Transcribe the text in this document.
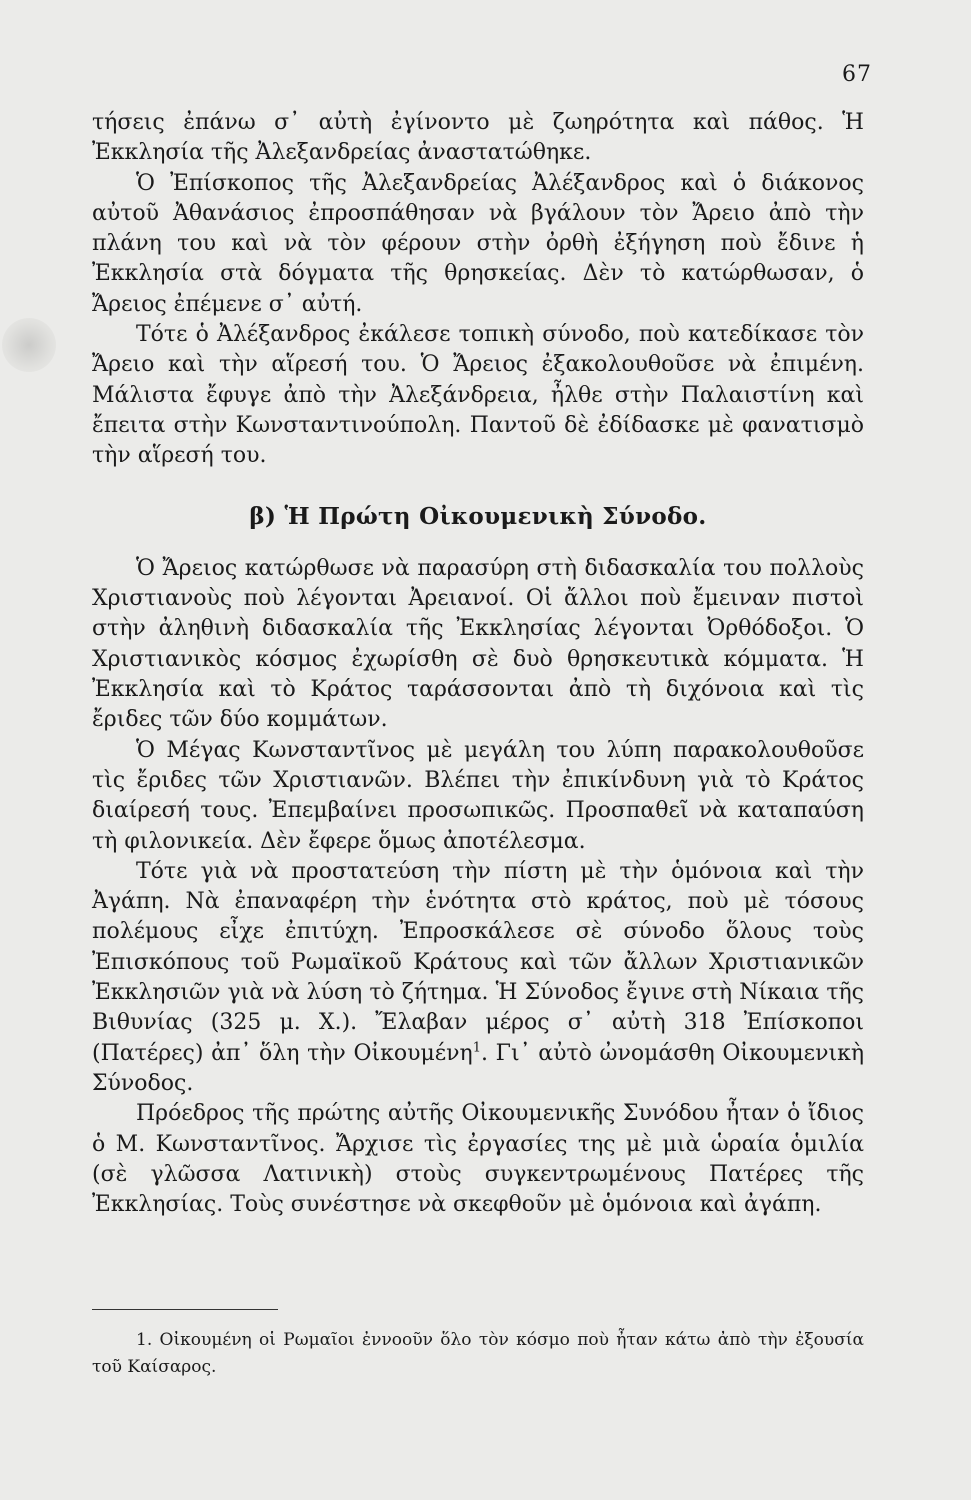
67

τήσεις ἐπάνω σ᾿ αὐτὴ ἐγίνοντο μὲ ζωηρότητα καὶ πάθος. Ἡ Ἐκκλησία τῆς Ἀλεξανδρείας ἀναστατώθηκε.

Ὁ Ἐπίσκοπος τῆς Ἀλεξανδρείας Ἀλέξανδρος καὶ ὁ διάκονος αὐτοῦ Ἀθανάσιος ἐπροσπάθησαν νὰ βγάλουν τὸν Ἄρειο ἀπὸ τὴν πλάνη του καὶ νὰ τὸν φέρουν στὴν ὀρθὴ ἐξήγηση ποὺ ἔδινε ἡ Ἐκκλησία στὰ δόγματα τῆς θρησκείας. Δὲν τὸ κατώρθωσαν, ὁ Ἄρειος ἐπέμενε σ᾿ αὐτή.

Τότε ὁ Ἀλέξανδρος ἐκάλεσε τοπικὴ σύνοδο, ποὺ κατεδίκασε τὸν Ἄρειο καὶ τὴν αἵρεσή του. Ὁ Ἄρειος ἐξακολουθοῦσε νὰ ἐπιμένη. Μάλιστα ἔφυγε ἀπὸ τὴν Ἀλεξάνδρεια, ἦλθε στὴν Παλαιστίνη καὶ ἔπειτα στὴν Κωνσταντινούπολη. Παντοῦ δὲ ἐδίδασκε μὲ φανατισμὸ τὴν αἵρεσή του.

β) Ἡ Πρώτη Οἰκουμενικὴ Σύνοδο.

Ὁ Ἄρειος κατώρθωσε νὰ παρασύρη στὴ διδασκαλία του πολλοὺς Χριστιανοὺς ποὺ λέγονται Ἀρειανοί. Οἱ ἄλλοι ποὺ ἔμειναν πιστοὶ στὴν ἀληθινὴ διδασκαλία τῆς Ἐκκλησίας λέγονται Ὀρθόδοξοι. Ὁ Χριστιανικὸς κόσμος ἐχωρίσθη σὲ δυὸ θρησκευτικὰ κόμματα. Ἡ Ἐκκλησία καὶ τὸ Κράτος ταράσσονται ἀπὸ τὴ διχόνοια καὶ τὶς ἔριδες τῶν δύο κομμάτων.

Ὁ Μέγας Κωνσταντῖνος μὲ μεγάλη του λύπη παρακολουθοῦσε τὶς ἔριδες τῶν Χριστιανῶν. Βλέπει τὴν ἐπικίνδυνη γιὰ τὸ Κράτος διαίρεσή τους. Ἐπεμβαίνει προσωπικῶς. Προσπαθεῖ νὰ καταπαύση τὴ φιλονικεία. Δὲν ἔφερε ὅμως ἀποτέλεσμα.

Τότε γιὰ νὰ προστατεύση τὴν πίστη μὲ τὴν ὁμόνοια καὶ τὴν Ἀγάπη. Νὰ ἐπαναφέρη τὴν ἑνότητα στὸ κράτος, ποὺ μὲ τόσους πολέμους εἶχε ἐπιτύχη. Ἐπροσκάλεσε σὲ σύνοδο ὅλους τοὺς Ἐπισκόπους τοῦ Ρωμαϊκοῦ Κράτους καὶ τῶν ἄλλων Χριστιανικῶν Ἐκκλησιῶν γιὰ νὰ λύση τὸ ζήτημα. Ἡ Σύνοδος ἔγινε στὴ Νίκαια τῆς Βιθυνίας (325 μ. Χ.). Ἔλαβαν μέρος σ᾿ αὐτὴ 318 Ἐπίσκοποι (Πατέρες) ἀπ᾿ ὅλη τὴν Οἰκουμένη$^1$. Γι᾿ αὐτὸ ὠνομάσθη Οἰκουμενικὴ Σύνοδος.

Πρόεδρος τῆς πρώτης αὐτῆς Οἰκουμενικῆς Συνόδου ἦταν ὁ ἴδιος ὁ Μ. Κωνσταντῖνος. Ἄρχισε τὶς ἐργασίες της μὲ μιὰ ὡραία ὁμιλία (σὲ γλῶσσα Λατινικὴ) στοὺς συγκεντρωμένους Πατέρες τῆς Ἐκκλησίας. Τοὺς συνέστησε νὰ σκεφθοῦν μὲ ὁμόνοια καὶ ἀγάπη.

1. Οἰκουμένη οἱ Ρωμαῖοι ἐννοοῦν ὅλο τὸν κόσμο ποὺ ἦταν κάτω ἀπὸ τὴν ἐξουσία τοῦ Καίσαρος.
